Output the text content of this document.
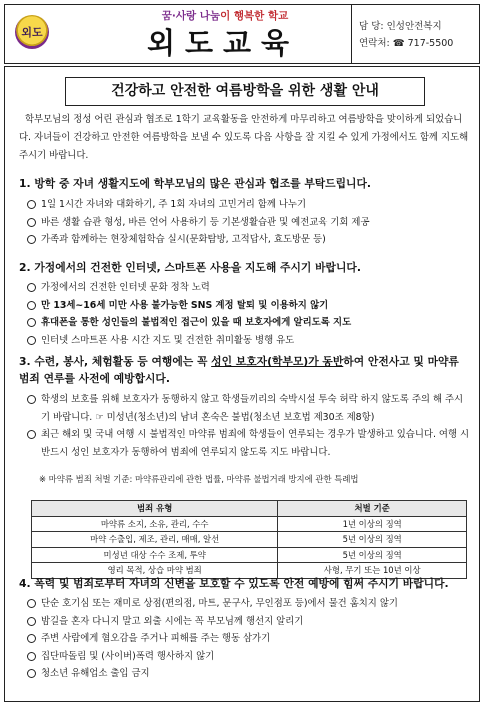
외도
꿈·사랑 나눔이 행복한 학교
외도교육	담 당: 인성안전복지
연락처: ☎ 717-5500
건강하고 안전한 여름방학을 위한 생활 안내
학부모님의 정성 어린 관심과 협조로 1학기 교육활동을 안전하게 마무리하고 여름방학을 맞이하게 되었습니다. 자녀들이 건강하고 안전한 여름방학을 보낼 수 있도록 다음 사항을 잘 지킬 수 있게 가정에서도 함께 지도해 주시기 바랍니다.
1. 방학 중 자녀 생활지도에 학부모님의 많은 관심과 협조를 부탁드립니다.
1일 1시간 자녀와 대화하기, 주 1회 자녀의 고민거리 함께 나누기
바른 생활 습관 형성, 바른 언어 사용하기 등 기본생활습관 및 예전교육 기회 제공
가족과 함께하는 현장체험학습 실시(문화탐방, 고적답사, 효도방문 등)
2. 가정에서의 건전한 인터넷, 스마트폰 사용을 지도해 주시기 바랍니다.
가정에서의 건전한 인터넷 문화 정착 노력
만 13세~16세 미만 사용 불가능한 SNS 계정 탈퇴 및 이용하지 않기
휴대폰을 통한 성인들의 불법적인 접근이 있을 때 보호자에게 알리도록 지도
인터넷 스마트폰 사용 시간 지도 및 건전한 취미활동 병행 유도
3. 수련, 봉사, 체험활동 등 여행에는 꼭 성인 보호자(학부모)가 동반하여 안전사고 및 마약류 범죄 연루를 사전에 예방합시다.
학생의 보호를 위해 보호자가 동행하지 않고 학생들끼리의 숙박시설 투숙 허락 하지 않도록 주의 해 주시기 바랍니다. ☞ 미성년(청소년)의 남녀 혼숙은 불법(청소년 보호법 제30조 제8항)
최근 해외 및 국내 여행 시 불법적인 마약류 범죄에 학생들이 연루되는 경우가 발생하고 있습니다. 여행 시 반드시 성인 보호자가 동행하여 범죄에 연루되지 않도록 지도 바랍니다.
※ 마약류 범죄 처벌 기준: 마약류관리에 관한 법률, 마약류 불법거래 방지에 관한 특례법
범죄 유형	처벌 기준
마약류 소지, 소유, 관리, 수수	1년 이상의 징역
마약 수출입, 제조, 관리, 매매, 알선	5년 이상의 징역
미성년 대상 수수 조제, 투약	5년 이상의 징역
영리 목적, 상습 마약 범죄	사형, 무기 또는 10년 이상
4. 폭력 및 범죄로부터 자녀의 신변을 보호할 수 있도록 안전 예방에 힘써 주시기 바랍니다.
단순 호기심 또는 재미로 상점(편의점, 마트, 문구사, 무인점포 등)에서 물건 훔치지 않기
밤길을 혼자 다니지 말고 외출 시에는 꼭 부모님께 행선지 알리기
주변 사람에게 혐오감을 주거나 피해를 주는 행동 삼가기
집단따돌림 및 (사이버)폭력 행사하지 않기
청소년 유해업소 출입 금지
